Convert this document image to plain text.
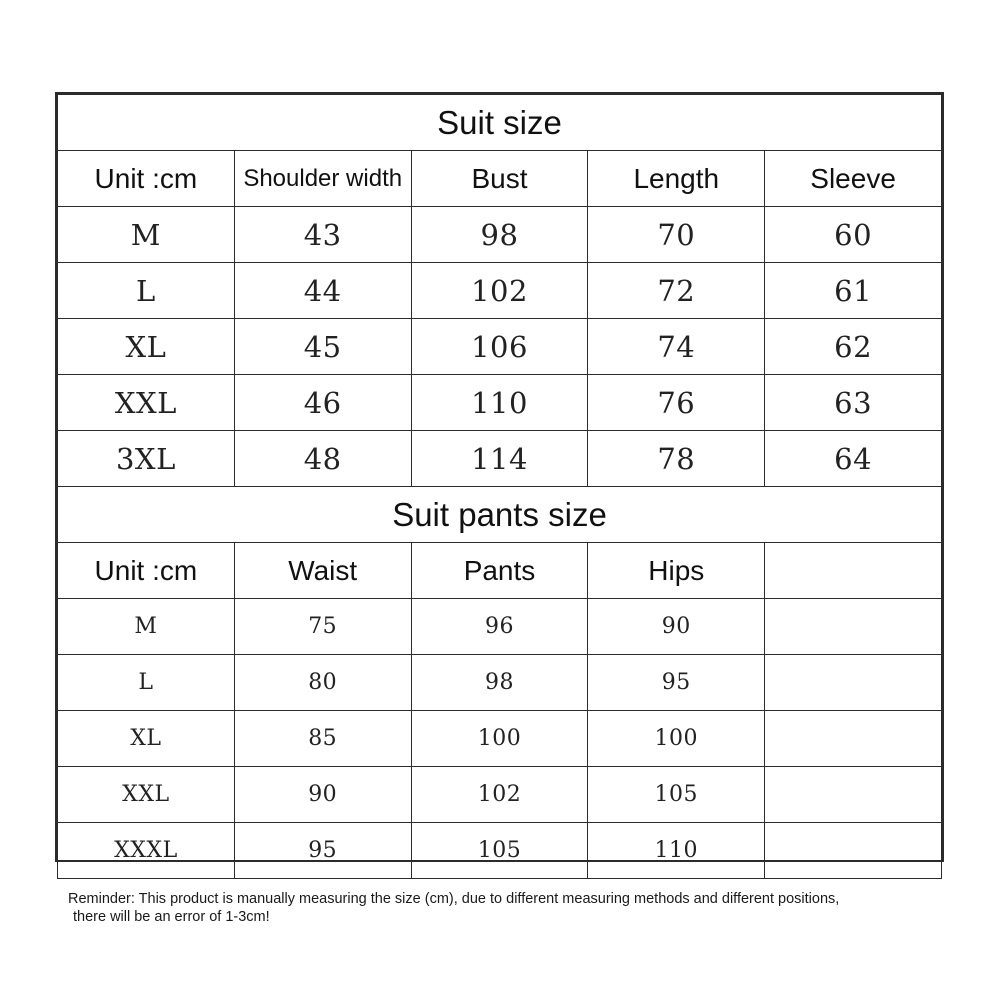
Suit size				
Unit :cm	Shoulder width	Bust	Length	Sleeve
M	43	98	70	60
L	44	102	72	61
XL	45	106	74	62
XXL	46	110	76	63
3XL	48	114	78	64
Suit pants size				
Unit :cm	Waist	Pants	Hips	
M	75	96	90	
L	80	98	95	
XL	85	100	100	
XXL	90	102	105	
XXXL	95	105	110	
Reminder: This product is manually measuring the size (cm), due to different measuring methods and different positions,
there will be an error of 1-3cm!
